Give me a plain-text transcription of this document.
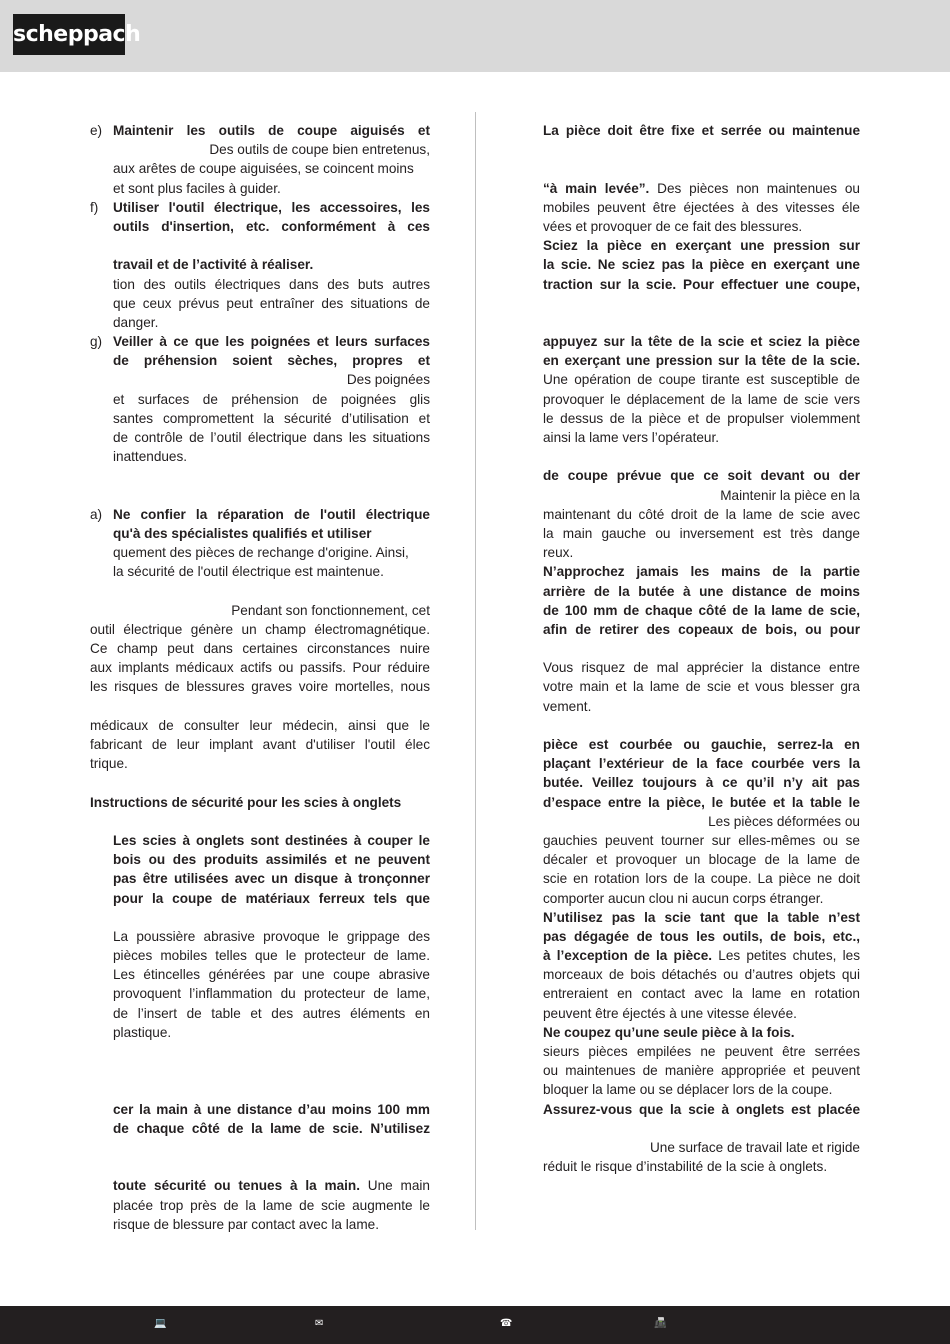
scheppach
e) Maintenir les outils de coupe aiguisés et
Des outils de coupe bien entretenus,
aux arêtes de coupe aiguisées, se coincent moins
et sont plus faciles à guider.
f) Utiliser l'outil électrique, les accessoires, les
outils d'insertion, etc. conformément à ces
travail et de l’activité à réaliser.
tion des outils électriques dans des buts autres
que ceux prévus peut entraîner des situations de
danger.
g) Veiller à ce que les poignées et leurs surfaces
de préhension soient sèches, propres et
Des poignées
et surfaces de préhension de poignées glis
santes compromettent la sécurité d’utilisation et
de contrôle de l’outil électrique dans les situations
inattendues.
a) Ne confier la réparation de l'outil électrique
qu'à des spécialistes qualifiés et utiliser
quement des pièces de rechange d'origine. Ainsi,
la sécurité de l'outil électrique est maintenue.
Pendant son fonctionnement, cet
outil électrique génère un champ électromagnétique.
Ce champ peut dans certaines circonstances nuire
aux implants médicaux actifs ou passifs. Pour réduire
les risques de blessures graves voire mortelles, nous
médicaux de consulter leur médecin, ainsi que le
fabricant de leur implant avant d'utiliser l'outil élec
trique.
Instructions de sécurité pour les scies à onglets
Les scies à onglets sont destinées à couper le
bois ou des produits assimilés et ne peuvent
pas être utilisées avec un disque à tronçonner
pour la coupe de matériaux ferreux tels que
La poussière abrasive provoque le grippage des
pièces mobiles telles que le protecteur de lame.
Les étincelles générées par une coupe abrasive
provoquent l’inflammation du protecteur de lame,
de l’insert de table et des autres éléments en
plastique.
cer la main à une distance d’au moins 100 mm
de chaque côté de la lame de scie. N’utilisez
toute sécurité ou tenues à la main. Une main
placée trop près de la lame de scie augmente le
risque de blessure par contact avec la lame.
La pièce doit être fixe et serrée ou maintenue
“à main levée”. Des pièces non maintenues ou
mobiles peuvent être éjectées à des vitesses éle
vées et provoquer de ce fait des blessures.
Sciez la pièce en exerçant une pression sur
la scie. Ne sciez pas la pièce en exerçant une
traction sur la scie. Pour effectuer une coupe,
appuyez sur la tête de la scie et sciez la pièce
en exerçant une pression sur la tête de la scie.
Une opération de coupe tirante est susceptible de
provoquer le déplacement de la lame de scie vers
le dessus de la pièce et de propulser violemment
ainsi la lame vers l’opérateur.
de coupe prévue que ce soit devant ou der
Maintenir la pièce en la
maintenant du côté droit de la lame de scie avec
la main gauche ou inversement est très dange
reux.
N’approchez jamais les mains de la partie
arrière de la butée à une distance de moins
de 100 mm de chaque côté de la lame de scie,
afin de retirer des copeaux de bois, ou pour
Vous risquez de mal apprécier la distance entre
votre main et la lame de scie et vous blesser gra
vement.
pièce est courbée ou gauchie, serrez-la en
plaçant l’extérieur de la face courbée vers la
butée. Veillez toujours à ce qu’il n’y ait pas
d’espace entre la pièce, le butée et la table le
Les pièces déformées ou
gauchies peuvent tourner sur elles-mêmes ou se
décaler et provoquer un blocage de la lame de
scie en rotation lors de la coupe. La pièce ne doit
comporter aucun clou ni aucun corps étranger.
N’utilisez pas la scie tant que la table n’est
pas dégagée de tous les outils, de bois, etc.,
à l’exception de la pièce. Les petites chutes, les
morceaux de bois détachés ou d’autres objets qui
entreraient en contact avec la lame en rotation
peuvent être éjectés à une vitesse élevée.
Ne coupez qu’une seule pièce à la fois.
sieurs pièces empilées ne peuvent être serrées
ou maintenues de manière appropriée et peuvent
bloquer la lame ou se déplacer lors de la coupe.
Assurez-vous que la scie à onglets est placée
Une surface de travail late et rigide
réduit le risque d’instabilité de la scie à onglets.
💻	✉	☎	📠
